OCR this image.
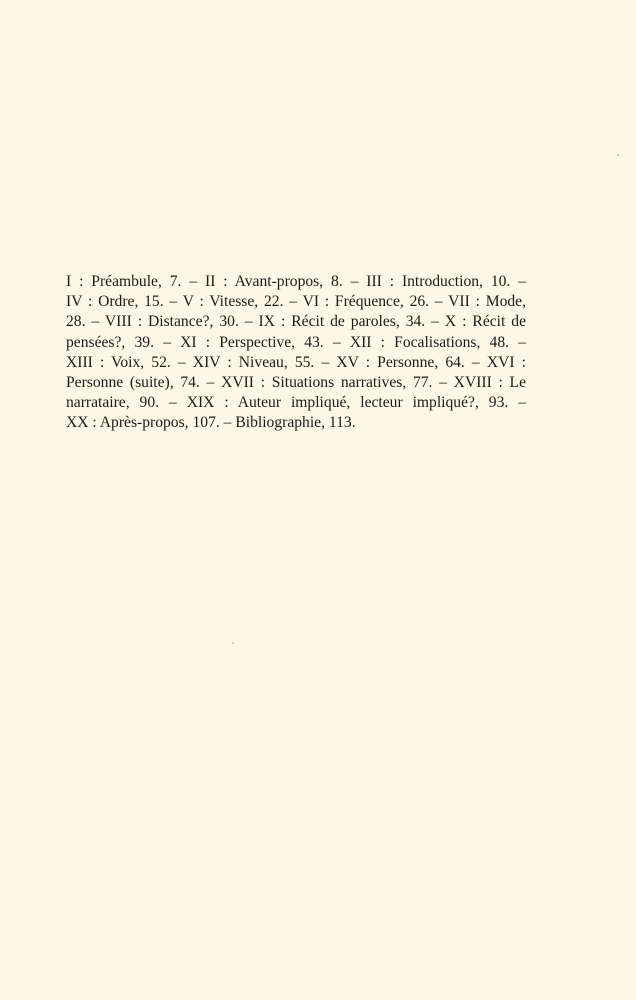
I : Préambule, 7. – II : Avant-propos, 8. – III : Introduction, 10. –
IV : Ordre, 15. – V : Vitesse, 22. – VI : Fréquence, 26. – VII : Mode,
28. – VIII : Distance?, 30. – IX : Récit de paroles, 34. – X : Récit de
pensées?, 39. – XI : Perspective, 43. – XII : Focalisations, 48. –
XIII : Voix, 52. – XIV : Niveau, 55. – XV : Personne, 64. – XVI :
Personne (suite), 74. – XVII : Situations narratives, 77. – XVIII : Le
narrataire, 90. – XIX : Auteur impliqué, lecteur impliqué?, 93. –
XX : Après-propos, 107. – Bibliographie, 113.
